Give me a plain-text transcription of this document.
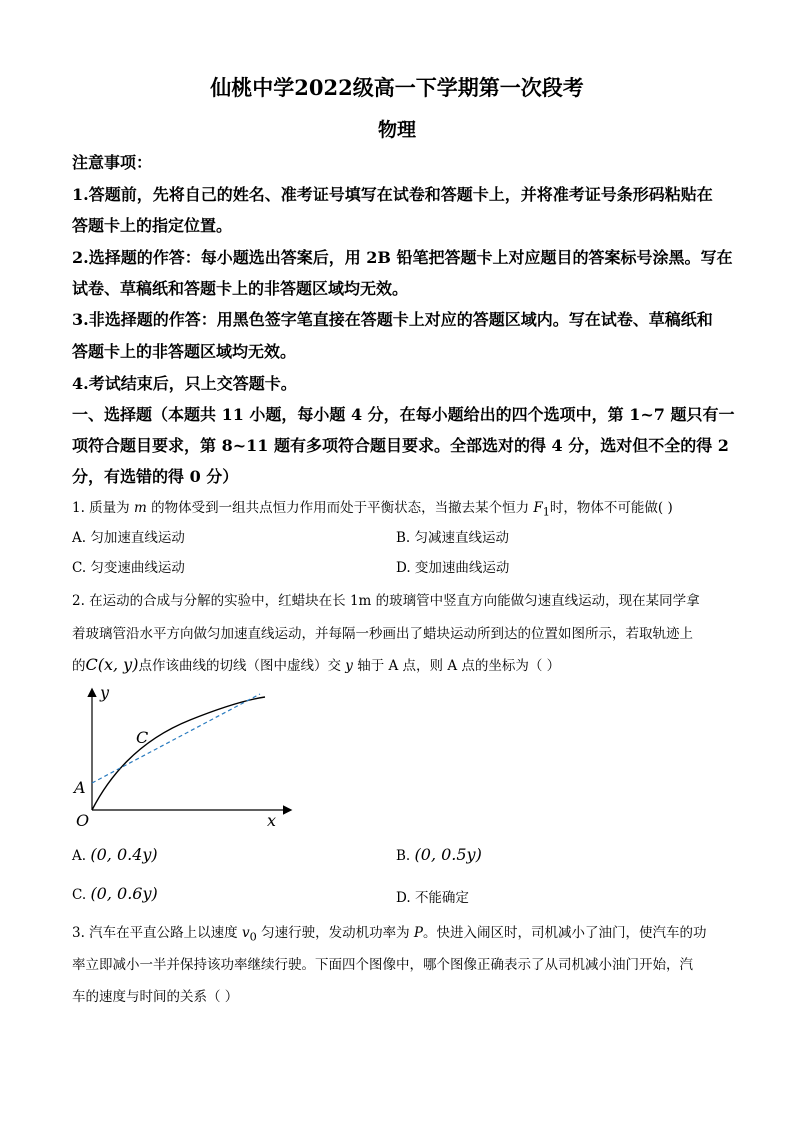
仙桃中学2022级高一下学期第一次段考
物理
注意事项：
1.答题前，先将自己的姓名、准考证号填写在试卷和答题卡上，并将准考证号条形码粘贴在
答题卡上的指定位置。
2.选择题的作答：每小题选出答案后，用 2B 铅笔把答题卡上对应题目的答案标号涂黑。写在
试卷、草稿纸和答题卡上的非答题区域均无效。
3.非选择题的作答：用黑色签字笔直接在答题卡上对应的答题区域内。写在试卷、草稿纸和
答题卡上的非答题区域均无效。
4.考试结束后，只上交答题卡。
一、选择题（本题共 11 小题，每小题 4 分，在每小题给出的四个选项中，第 1~7 题只有一
项符合题目要求，第 8~11 题有多项符合题目要求。全部选对的得 4 分，选对但不全的得 2
分，有选错的得 0 分）
1. 质量为 m 的物体受到一组共点恒力作用而处于平衡状态，当撤去某个恒力 $F_1$时，物体不可能做( )
A. 匀加速直线运动	B. 匀减速直线运动
C. 匀变速曲线运动	D. 变加速曲线运动
2. 在运动的合成与分解的实验中，红蜡块在长 1m 的玻璃管中竖直方向能做匀速直线运动，现在某同学拿
着玻璃管沿水平方向做匀加速直线运动，并每隔一秒画出了蜡块运动所到达的位置如图所示，若取轨迹上
的C(x, y)点作该曲线的切线（图中虚线）交 y 轴于 A 点，则 A 点的坐标为（ ）
y
x
O
A
C
A. (0, 0.4y)	B. (0, 0.5y)
C. (0, 0.6y)	D. 不能确定
3. 汽车在平直公路上以速度 $v_0$ 匀速行驶，发动机功率为 P。快进入闹区时，司机减小了油门，使汽车的功
率立即减小一半并保持该功率继续行驶。下面四个图像中，哪个图像正确表示了从司机减小油门开始，汽
车的速度与时间的关系（ ）
